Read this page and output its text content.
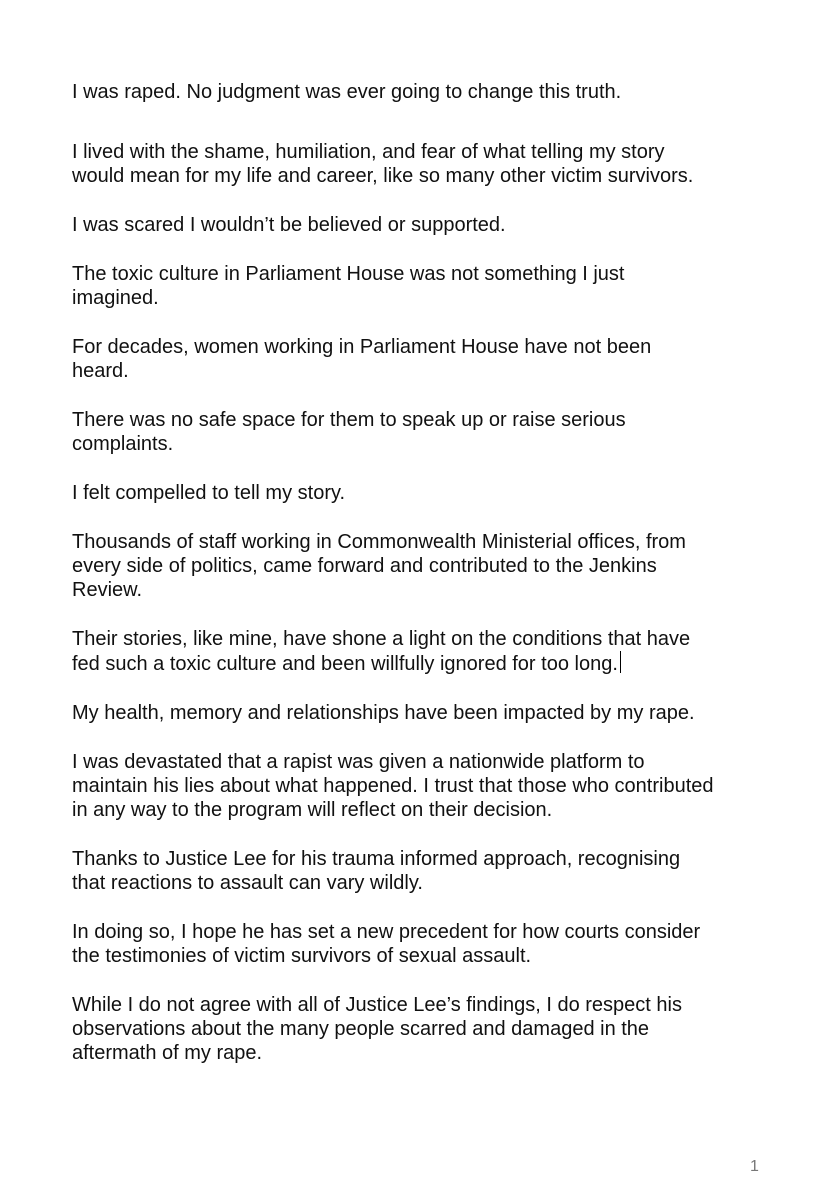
I was raped. No judgment was ever going to change this truth.

I lived with the shame, humiliation, and fear of what telling my story
would mean for my life and career, like so many other victim survivors.

I was scared I wouldn’t be believed or supported.

The toxic culture in Parliament House was not something I just
imagined.

For decades, women working in Parliament House have not been
heard.

There was no safe space for them to speak up or raise serious
complaints.

I felt compelled to tell my story.

Thousands of staff working in Commonwealth Ministerial offices, from
every side of politics, came forward and contributed to the Jenkins
Review.

Their stories, like mine, have shone a light on the conditions that have
fed such a toxic culture and been willfully ignored for too long.

My health, memory and relationships have been impacted by my rape.

I was devastated that a rapist was given a nationwide platform to
maintain his lies about what happened. I trust that those who contributed
in any way to the program will reflect on their decision.

Thanks to Justice Lee for his trauma informed approach, recognising
that reactions to assault can vary wildly.

In doing so, I hope he has set a new precedent for how courts consider
the testimonies of victim survivors of sexual assault.

While I do not agree with all of Justice Lee’s findings, I do respect his
observations about the many people scarred and damaged in the
aftermath of my rape.

1
